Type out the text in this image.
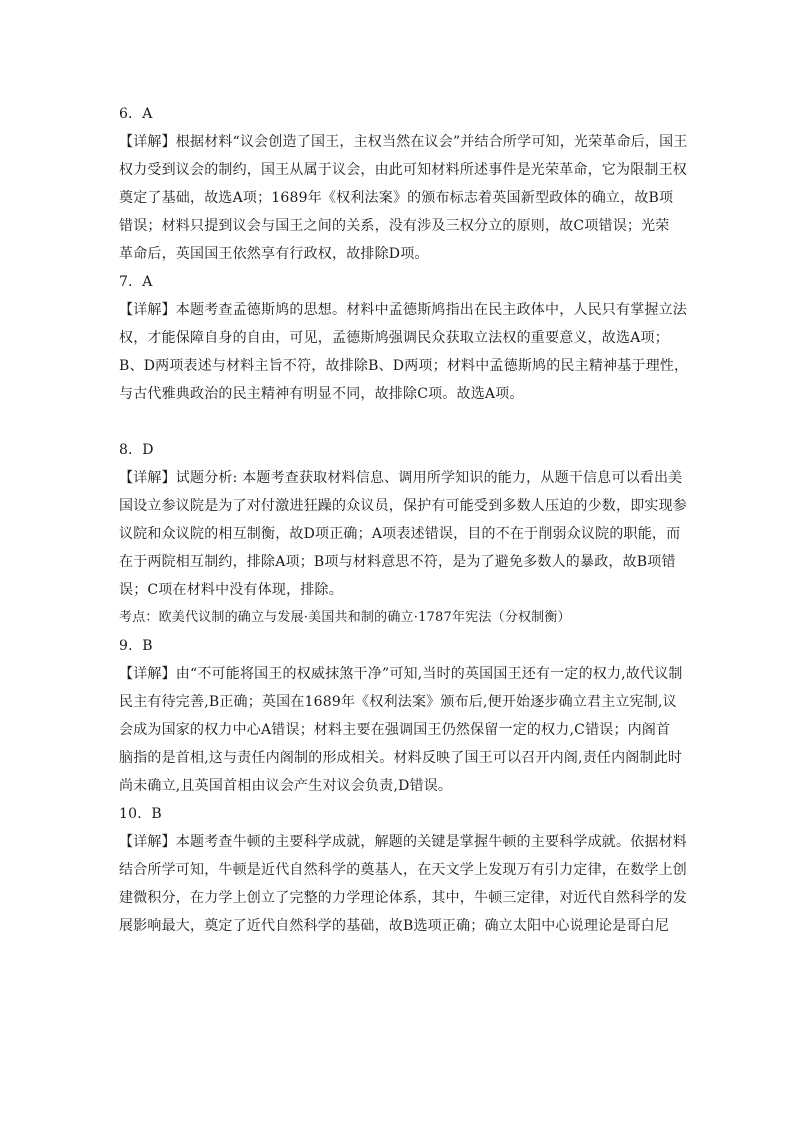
6．A
【详解】根据材料“议会创造了国王，主权当然在议会”并结合所学可知，光荣革命后，国王
权力受到议会的制约，国王从属于议会，由此可知材料所述事件是光荣革命，它为限制王权
奠定了基础，故选A项；1689年《权利法案》的颁布标志着英国新型政体的确立，故B项
错误；材料只提到议会与国王之间的关系，没有涉及三权分立的原则，故C项错误；光荣
革命后，英国国王依然享有行政权，故排除D项。
7．A
【详解】本题考查孟德斯鸠的思想。材料中孟德斯鸠指出在民主政体中，人民只有掌握立法
权，才能保障自身的自由，可见，孟德斯鸠强调民众获取立法权的重要意义，故选A项；
B、D两项表述与材料主旨不符，故排除B、D两项；材料中孟德斯鸠的民主精神基于理性，
与古代雅典政治的民主精神有明显不同，故排除C项。故选A项。
8．D
【详解】试题分析: 本题考查获取材料信息、调用所学知识的能力，从题干信息可以看出美
国设立参议院是为了对付激进狂躁的众议员，保护有可能受到多数人压迫的少数，即实现参
议院和众议院的相互制衡，故D项正确；A项表述错误，目的不在于削弱众议院的职能，而
在于两院相互制约，排除A项；B项与材料意思不符，是为了避免多数人的暴政，故B项错
误；C项在材料中没有体现，排除。
考点：欧美代议制的确立与发展·美国共和制的确立·1787年宪法（分权制衡）
9．B
【详解】由“不可能将国王的权威抹煞干净”可知,当时的英国国王还有一定的权力,故代议制
民主有待完善,B正确；英国在1689年《权利法案》颁布后,便开始逐步确立君主立宪制,议
会成为国家的权力中心A错误；材料主要在强调国王仍然保留一定的权力,C错误；内阁首
脑指的是首相,这与责任内阁制的形成相关。材料反映了国王可以召开内阁,责任内阁制此时
尚未确立,且英国首相由议会产生对议会负责,D错误。
10．B
【详解】本题考查牛顿的主要科学成就，解题的关键是掌握牛顿的主要科学成就。依据材料
结合所学可知，牛顿是近代自然科学的奠基人，在天文学上发现万有引力定律，在数学上创
建微积分，在力学上创立了完整的力学理论体系，其中，牛顿三定律，对近代自然科学的发
展影响最大，奠定了近代自然科学的基础，故B选项正确；确立太阳中心说理论是哥白尼
